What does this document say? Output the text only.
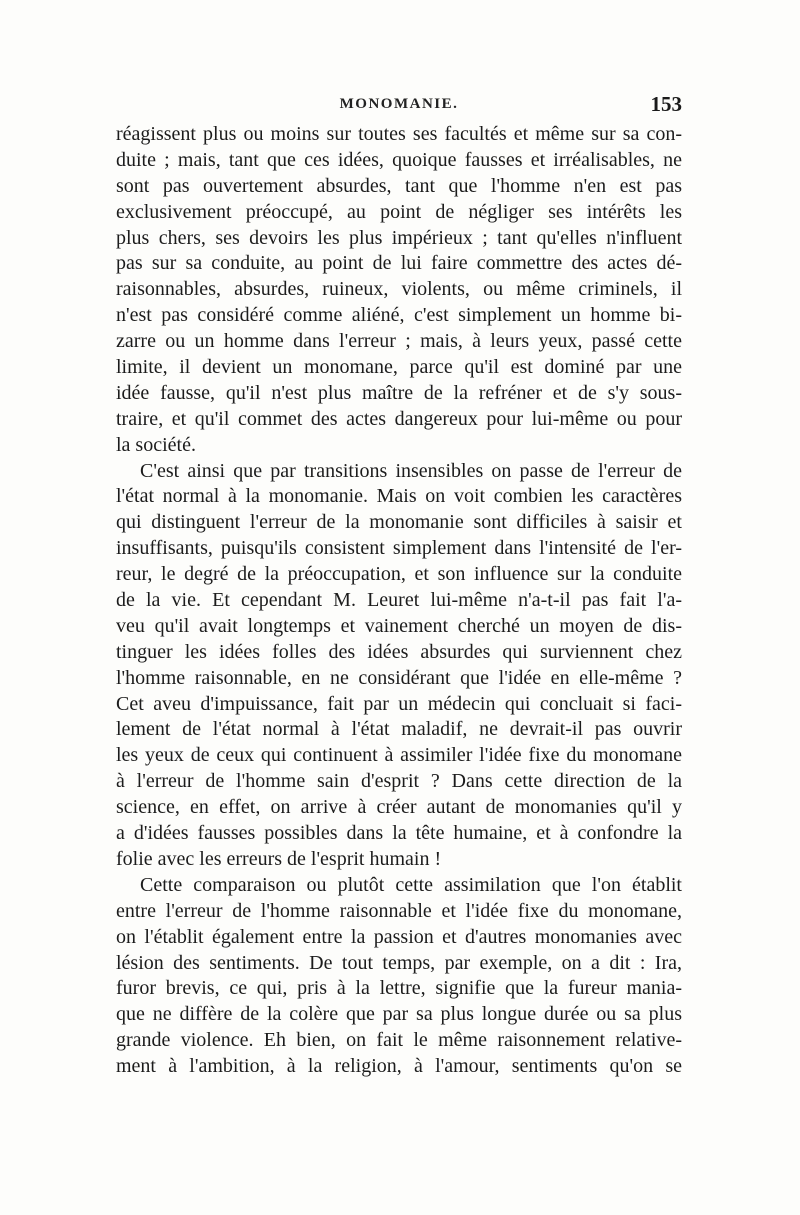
MONOMANIE.	153
réagissent plus ou moins sur toutes ses facultés et même sur sa con-
duite ; mais, tant que ces idées, quoique fausses et irréalisables, ne
sont pas ouvertement absurdes, tant que l'homme n'en est pas
exclusivement préoccupé, au point de négliger ses intérêts les
plus chers, ses devoirs les plus impérieux ; tant qu'elles n'influent
pas sur sa conduite, au point de lui faire commettre des actes dé-
raisonnables, absurdes, ruineux, violents, ou même criminels, il
n'est pas considéré comme aliéné, c'est simplement un homme bi-
zarre ou un homme dans l'erreur ; mais, à leurs yeux, passé cette
limite, il devient un monomane, parce qu'il est dominé par une
idée fausse, qu'il n'est plus maître de la refréner et de s'y sous-
traire, et qu'il commet des actes dangereux pour lui-même ou pour
la société.
C'est ainsi que par transitions insensibles on passe de l'erreur de
l'état normal à la monomanie. Mais on voit combien les caractères
qui distinguent l'erreur de la monomanie sont difficiles à saisir et
insuffisants, puisqu'ils consistent simplement dans l'intensité de l'er-
reur, le degré de la préoccupation, et son influence sur la conduite
de la vie. Et cependant M. Leuret lui-même n'a-t-il pas fait l'a-
veu qu'il avait longtemps et vainement cherché un moyen de dis-
tinguer les idées folles des idées absurdes qui surviennent chez
l'homme raisonnable, en ne considérant que l'idée en elle-même ?
Cet aveu d'impuissance, fait par un médecin qui concluait si faci-
lement de l'état normal à l'état maladif, ne devrait-il pas ouvrir
les yeux de ceux qui continuent à assimiler l'idée fixe du monomane
à l'erreur de l'homme sain d'esprit ? Dans cette direction de la
science, en effet, on arrive à créer autant de monomanies qu'il y
a d'idées fausses possibles dans la tête humaine, et à confondre la
folie avec les erreurs de l'esprit humain !
Cette comparaison ou plutôt cette assimilation que l'on établit
entre l'erreur de l'homme raisonnable et l'idée fixe du monomane,
on l'établit également entre la passion et d'autres monomanies avec
lésion des sentiments. De tout temps, par exemple, on a dit : Ira,
furor brevis, ce qui, pris à la lettre, signifie que la fureur mania-
que ne diffère de la colère que par sa plus longue durée ou sa plus
grande violence. Eh bien, on fait le même raisonnement relative-
ment à l'ambition, à la religion, à l'amour, sentiments qu'on se
